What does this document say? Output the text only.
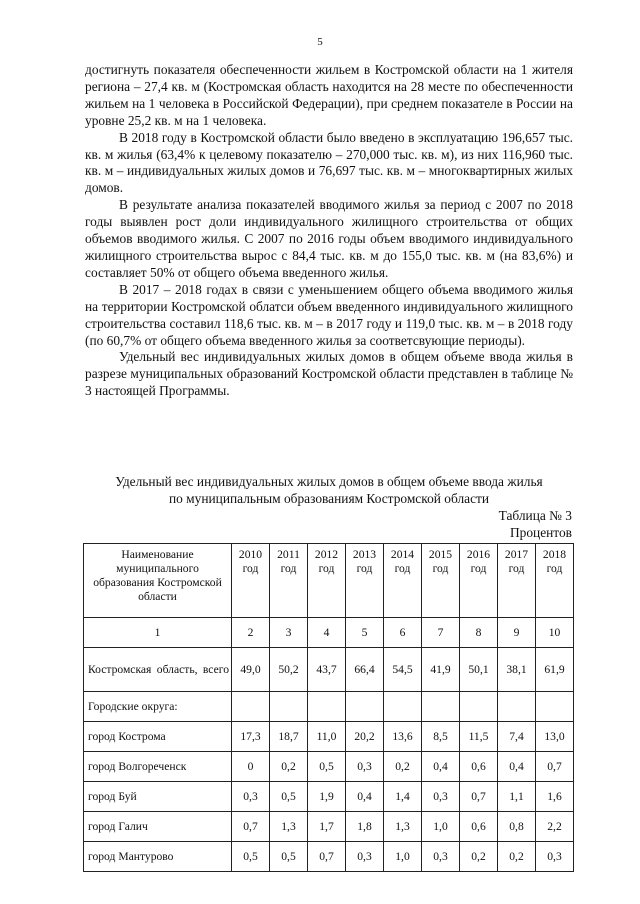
5

достигнуть показателя обеспеченности жильем в Костромской области на 1 жителя региона – 27,4 кв. м (Костромская область находится на 28 месте по обеспеченности жильем на 1 человека в Российской Федерации), при среднем показателе в России на уровне 25,2 кв. м на 1 человека.

В 2018 году в Костромской области было введено в эксплуатацию 196,657 тыс. кв. м жилья (63,4% к целевому показателю – 270,000 тыс. кв. м), из них 116,960 тыс. кв. м – индивидуальных жилых домов и 76,697 тыс. кв. м – многоквартирных жилых домов.

В результате анализа показателей вводимого жилья за период с 2007 по 2018 годы выявлен рост доли индивидуального жилищного строительства от общих объемов вводимого жилья. С 2007 по 2016 годы объем вводимого индивидуального жилищного строительства вырос с 84,4 тыс. кв. м до 155,0 тыс. кв. м (на 83,6%) и составляет 50% от общего объема введенного жилья.

В 2017 – 2018 годах в связи с уменьшением общего объема вводимого жилья на территории Костромской облатси объем введенного индивидуального жилищного строительства составил 118,6 тыс. кв. м – в 2017 году и 119,0 тыс. кв. м – в 2018 году (по 60,7% от общего объема введенного жилья за соответсвующие периоды).

Удельный вес индивидуальных жилых домов в общем объеме ввода жилья в разрезе муниципальных образований Костромской области представлен в таблице № 3 настоящей Программы.

Удельный вес индивидуальных жилых домов в общем объеме ввода жилья
по муниципальным образованиям Костромской области
Таблица № 3
Процентов
Наименование муниципального образования Костромской области	2010 год	2011 год	2012 год	2013 год	2014 год	2015 год	2016 год	2017 год	2018 год
1	2	3	4	5	6	7	8	9	10
Костромская область, всего	49,0	50,2	43,7	66,4	54,5	41,9	50,1	38,1	61,9
Городские округа:									
город Кострома	17,3	18,7	11,0	20,2	13,6	8,5	11,5	7,4	13,0
город Волгореченск	0	0,2	0,5	0,3	0,2	0,4	0,6	0,4	0,7
город Буй	0,3	0,5	1,9	0,4	1,4	0,3	0,7	1,1	1,6
город Галич	0,7	1,3	1,7	1,8	1,3	1,0	0,6	0,8	2,2
город Мантурово	0,5	0,5	0,7	0,3	1,0	0,3	0,2	0,2	0,3
